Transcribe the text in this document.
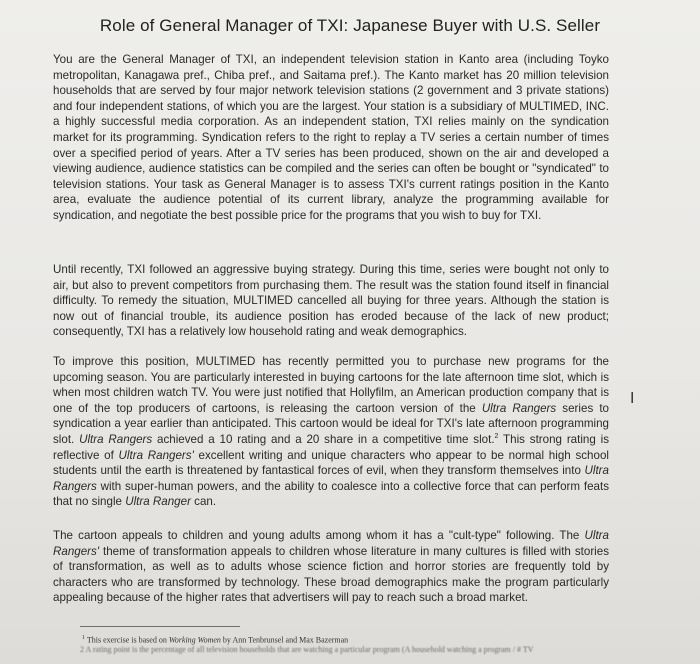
Role of General Manager of TXI: Japanese Buyer with U.S. Seller

You are the General Manager of TXI, an independent television station in Kanto area (including Toyko metropolitan, Kanagawa pref., Chiba pref., and Saitama pref.). The Kanto market has 20 million television households that are served by four major network television stations (2 government and 3 private stations) and four independent stations, of which you are the largest. Your station is a subsidiary of MULTIMED, INC. a highly successful media corporation. As an independent station, TXI relies mainly on the syndication market for its programming. Syndication refers to the right to replay a TV series a certain number of times over a specified period of years. After a TV series has been produced, shown on the air and developed a viewing audience, audience statistics can be compiled and the series can often be bought or "syndicated" to television stations. Your task as General Manager is to assess TXI's current ratings position in the Kanto area, evaluate the audience potential of its current library, analyze the programming available for syndication, and negotiate the best possible price for the programs that you wish to buy for TXI.

Until recently, TXI followed an aggressive buying strategy. During this time, series were bought not only to air, but also to prevent competitors from purchasing them. The result was the station found itself in financial difficulty. To remedy the situation, MULTIMED cancelled all buying for three years. Although the station is now out of financial trouble, its audience position has eroded because of the lack of new product; consequently, TXI has a relatively low household rating and weak demographics.

To improve this position, MULTIMED has recently permitted you to purchase new programs for the upcoming season. You are particularly interested in buying cartoons for the late afternoon time slot, which is when most children watch TV. You were just notified that Hollyfilm, an American production company that is one of the top producers of cartoons, is releasing the cartoon version of the Ultra Rangers series to syndication a year earlier than anticipated. This cartoon would be ideal for TXI's late afternoon programming slot. Ultra Rangers achieved a 10 rating and a 20 share in a competitive time slot.$^2$ This strong rating is reflective of Ultra Rangers' excellent writing and unique characters who appear to be normal high school students until the earth is threatened by fantastical forces of evil, when they transform themselves into Ultra Rangers with super-human powers, and the ability to coalesce into a collective force that can perform feats that no single Ultra Ranger can.

The cartoon appeals to children and young adults among whom it has a "cult-type" following. The Ultra Rangers' theme of transformation appeals to children whose literature in many cultures is filled with stories of transformation, as well as to adults whose science fiction and horror stories are frequently told by characters who are transformed by technology. These broad demographics make the program particularly appealing because of the higher rates that advertisers will pay to reach such a broad market.

$^1$ This exercise is based on Working Women by Ann Tenbrunsel and Max Bazerman
2 A rating point is the percentage of all television households that are watching a particular program (A household watching a program / # TV
I
